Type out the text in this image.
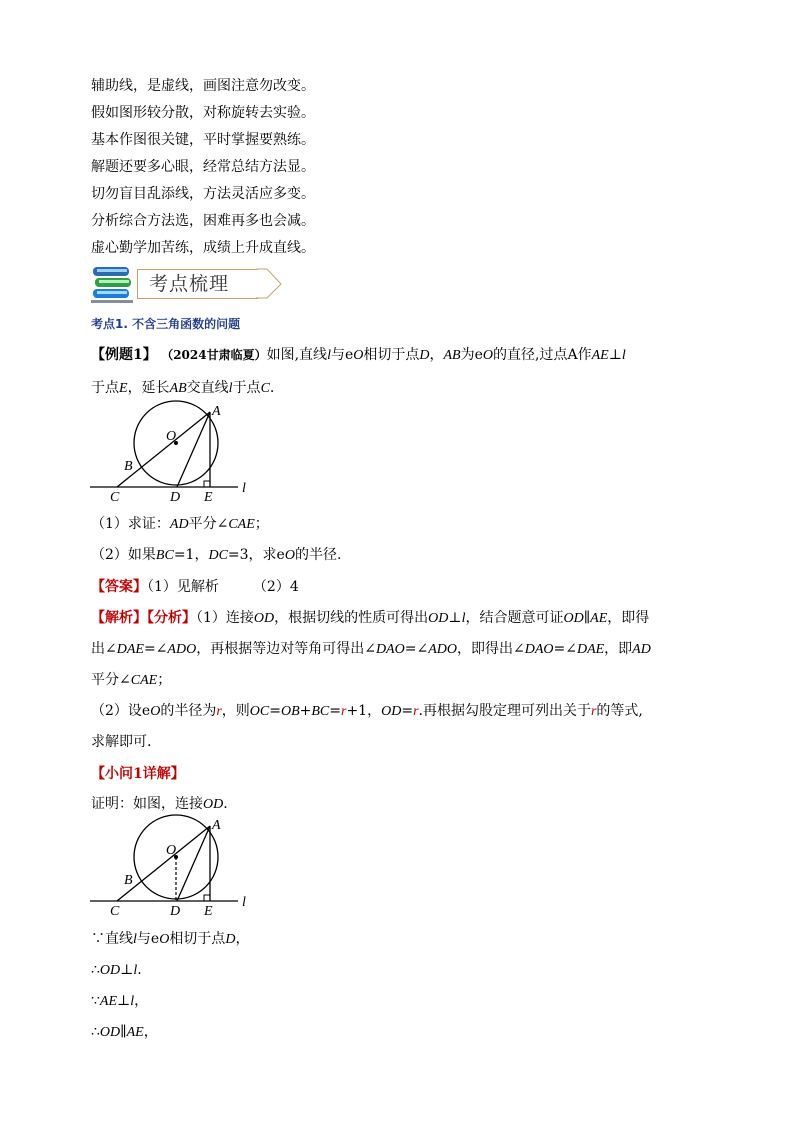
辅助线，是虚线，画图注意勿改变。
假如图形较分散，对称旋转去实验。
基本作图很关键，平时掌握要熟练。
解题还要多心眼，经常总结方法显。
切勿盲目乱添线，方法灵活应多变。
分析综合方法选，困难再多也会减。
虚心勤学加苦练，成绩上升成直线。
考点梳理
考点1. 不含三角函数的问题
【例题1】 （2024甘肃临夏）如图,直线l与eO相切于点D，AB为eO的直径,过点A作AE⊥l
于点E，延长AB交直线l于点C.
A
O
B
C	D E
l
（1）求证：AD平分∠CAE；
（2）如果BC=1，DC=3，求eO的半径.
【答案】（1）见解析 （2）4
【解析】【分析】（1）连接OD，根据切线的性质可得出OD⊥l，结合题意可证OD∥AE，即得
出∠DAE=∠ADO，再根据等边对等角可得出∠DAO=∠ADO，即得出∠DAO=∠DAE，即AD
平分∠CAE；
（2）设eO的半径为r，则OC=OB+BC=r+1，OD=r.再根据勾股定理可列出关于r的等式,
求解即可.
【小问1详解】
证明：如图，连接OD.
A
O
B
C	D E
l
∵直线l与eO相切于点D，
∴OD⊥l.
∵AE⊥l，
∴OD∥AE，
